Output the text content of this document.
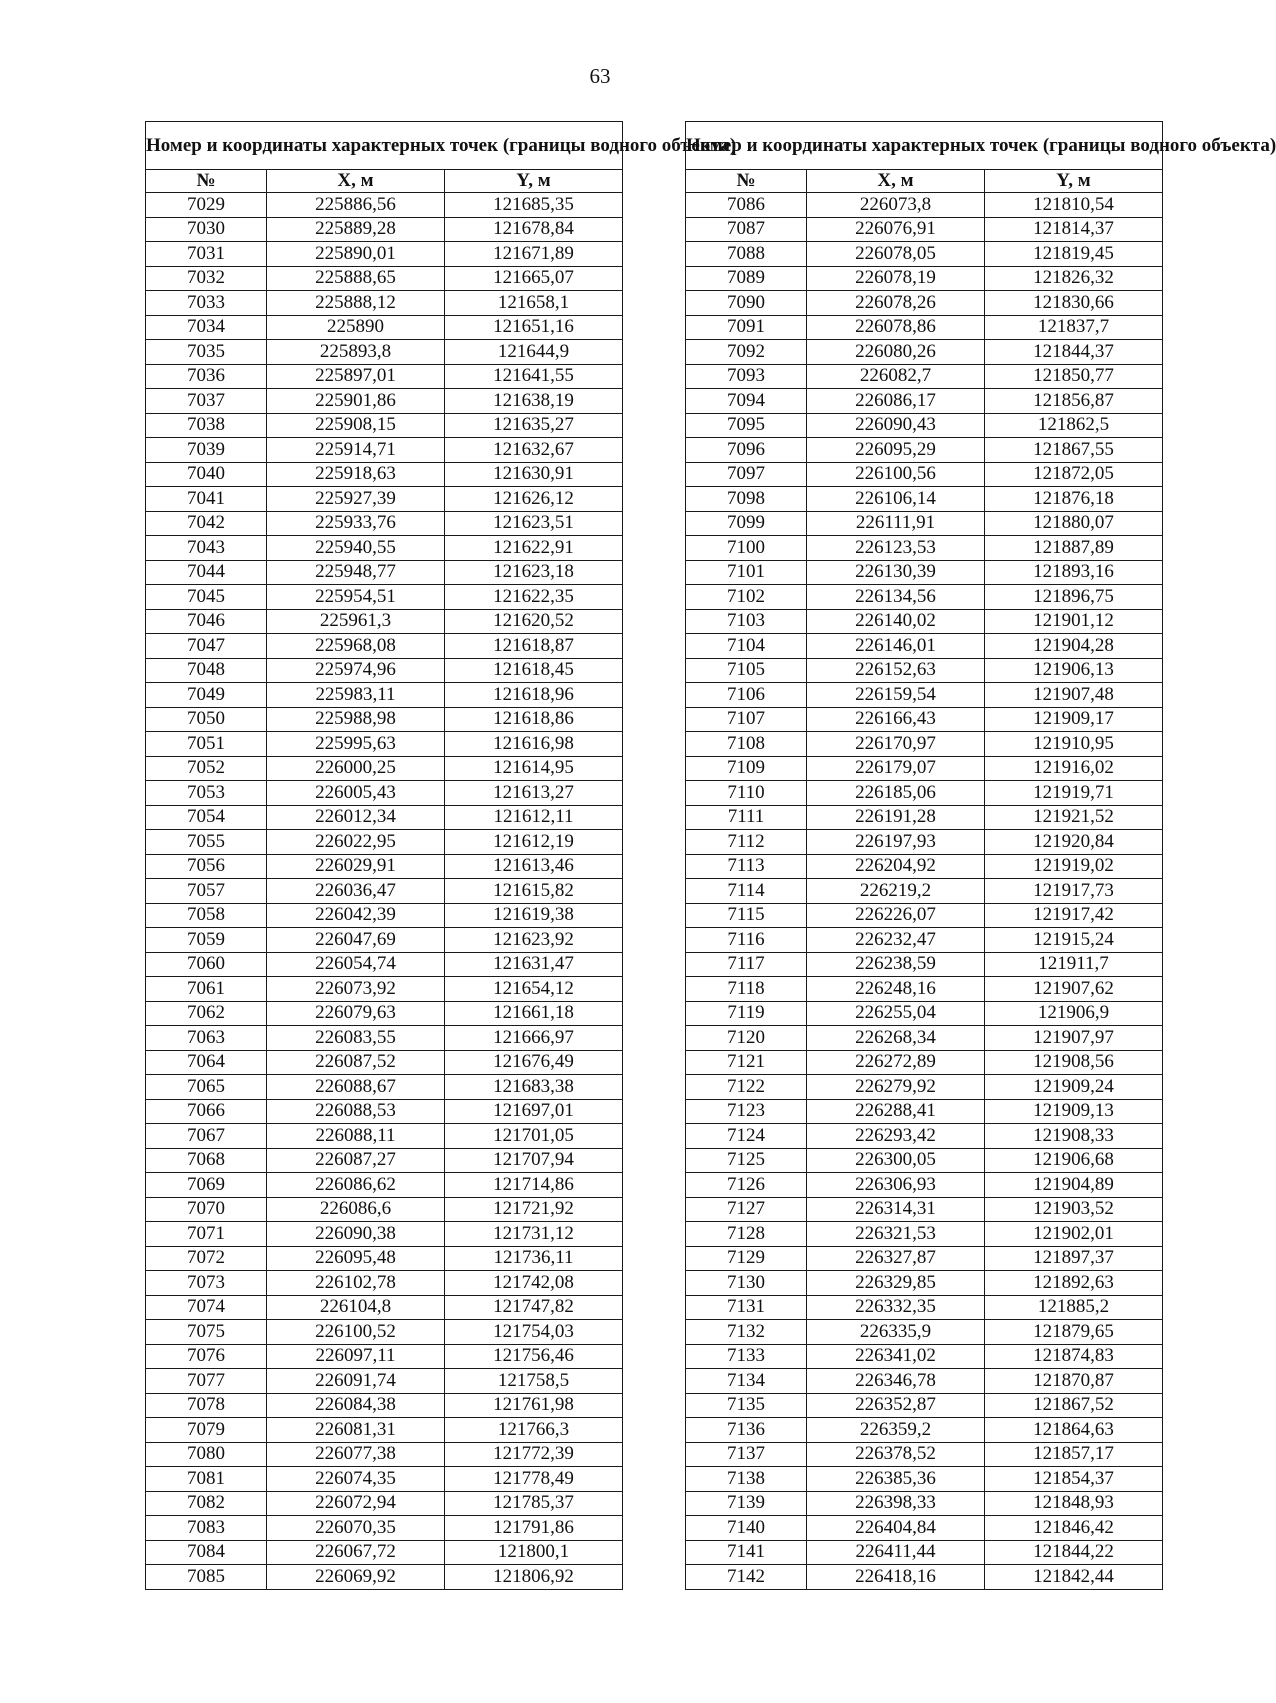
63
Номер и координаты характерных точек (границы водного объекта)		
№	X, м	Y, м
7029	225886,56	121685,35
7030	225889,28	121678,84
7031	225890,01	121671,89
7032	225888,65	121665,07
7033	225888,12	121658,1
7034	225890	121651,16
7035	225893,8	121644,9
7036	225897,01	121641,55
7037	225901,86	121638,19
7038	225908,15	121635,27
7039	225914,71	121632,67
7040	225918,63	121630,91
7041	225927,39	121626,12
7042	225933,76	121623,51
7043	225940,55	121622,91
7044	225948,77	121623,18
7045	225954,51	121622,35
7046	225961,3	121620,52
7047	225968,08	121618,87
7048	225974,96	121618,45
7049	225983,11	121618,96
7050	225988,98	121618,86
7051	225995,63	121616,98
7052	226000,25	121614,95
7053	226005,43	121613,27
7054	226012,34	121612,11
7055	226022,95	121612,19
7056	226029,91	121613,46
7057	226036,47	121615,82
7058	226042,39	121619,38
7059	226047,69	121623,92
7060	226054,74	121631,47
7061	226073,92	121654,12
7062	226079,63	121661,18
7063	226083,55	121666,97
7064	226087,52	121676,49
7065	226088,67	121683,38
7066	226088,53	121697,01
7067	226088,11	121701,05
7068	226087,27	121707,94
7069	226086,62	121714,86
7070	226086,6	121721,92
7071	226090,38	121731,12
7072	226095,48	121736,11
7073	226102,78	121742,08
7074	226104,8	121747,82
7075	226100,52	121754,03
7076	226097,11	121756,46
7077	226091,74	121758,5
7078	226084,38	121761,98
7079	226081,31	121766,3
7080	226077,38	121772,39
7081	226074,35	121778,49
7082	226072,94	121785,37
7083	226070,35	121791,86
7084	226067,72	121800,1
7085	226069,92	121806,92
Номер и координаты характерных точек (границы водного объекта)		
№	X, м	Y, м
7086	226073,8	121810,54
7087	226076,91	121814,37
7088	226078,05	121819,45
7089	226078,19	121826,32
7090	226078,26	121830,66
7091	226078,86	121837,7
7092	226080,26	121844,37
7093	226082,7	121850,77
7094	226086,17	121856,87
7095	226090,43	121862,5
7096	226095,29	121867,55
7097	226100,56	121872,05
7098	226106,14	121876,18
7099	226111,91	121880,07
7100	226123,53	121887,89
7101	226130,39	121893,16
7102	226134,56	121896,75
7103	226140,02	121901,12
7104	226146,01	121904,28
7105	226152,63	121906,13
7106	226159,54	121907,48
7107	226166,43	121909,17
7108	226170,97	121910,95
7109	226179,07	121916,02
7110	226185,06	121919,71
7111	226191,28	121921,52
7112	226197,93	121920,84
7113	226204,92	121919,02
7114	226219,2	121917,73
7115	226226,07	121917,42
7116	226232,47	121915,24
7117	226238,59	121911,7
7118	226248,16	121907,62
7119	226255,04	121906,9
7120	226268,34	121907,97
7121	226272,89	121908,56
7122	226279,92	121909,24
7123	226288,41	121909,13
7124	226293,42	121908,33
7125	226300,05	121906,68
7126	226306,93	121904,89
7127	226314,31	121903,52
7128	226321,53	121902,01
7129	226327,87	121897,37
7130	226329,85	121892,63
7131	226332,35	121885,2
7132	226335,9	121879,65
7133	226341,02	121874,83
7134	226346,78	121870,87
7135	226352,87	121867,52
7136	226359,2	121864,63
7137	226378,52	121857,17
7138	226385,36	121854,37
7139	226398,33	121848,93
7140	226404,84	121846,42
7141	226411,44	121844,22
7142	226418,16	121842,44
